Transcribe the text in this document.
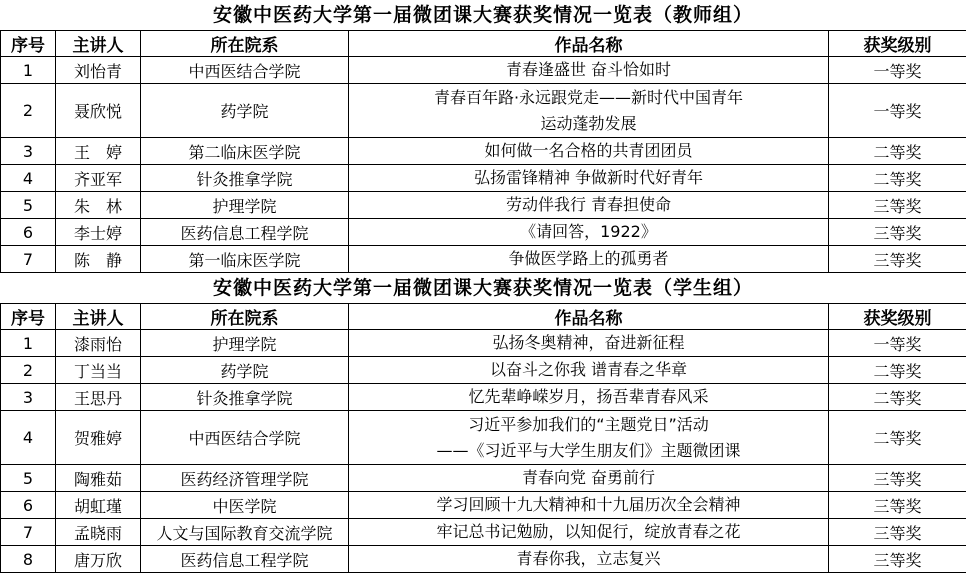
安徽中医药大学第一届微团课大赛获奖情况一览表（教师组）
序号	主讲人	所在院系	作品名称	获奖级别
1	刘怡青	中西医结合学院	青春逢盛世 奋斗恰如时	一等奖
2	聂欣悦	药学院	青春百年路·永远跟党走——新时代中国青年
运动蓬勃发展	一等奖
3	王　婷	第二临床医学院	如何做一名合格的共青团团员	二等奖
4	齐亚军	针灸推拿学院	弘扬雷锋精神 争做新时代好青年	二等奖
5	朱　林	护理学院	劳动伴我行 青春担使命	三等奖
6	李士婷	医药信息工程学院	《请回答，1922》	三等奖
7	陈　静	第一临床医学院	争做医学路上的孤勇者	三等奖
安徽中医药大学第一届微团课大赛获奖情况一览表（学生组）
序号	主讲人	所在院系	作品名称	获奖级别
1	漆雨怡	护理学院	弘扬冬奥精神，奋进新征程	一等奖
2	丁当当	药学院	以奋斗之你我 谱青春之华章	二等奖
3	王思丹	针灸推拿学院	忆先辈峥嵘岁月，扬吾辈青春风采	二等奖
4	贺雅婷	中西医结合学院	习近平参加我们的“主题党日”活动
——《习近平与大学生朋友们》主题微团课	二等奖
5	陶雅茹	医药经济管理学院	青春向党 奋勇前行	三等奖
6	胡虹瑾	中医学院	学习回顾十九大精神和十九届历次全会精神	三等奖
7	孟晓雨	人文与国际教育交流学院	牢记总书记勉励，以知促行，绽放青春之花	三等奖
8	唐万欣	医药信息工程学院	青春你我，立志复兴	三等奖
